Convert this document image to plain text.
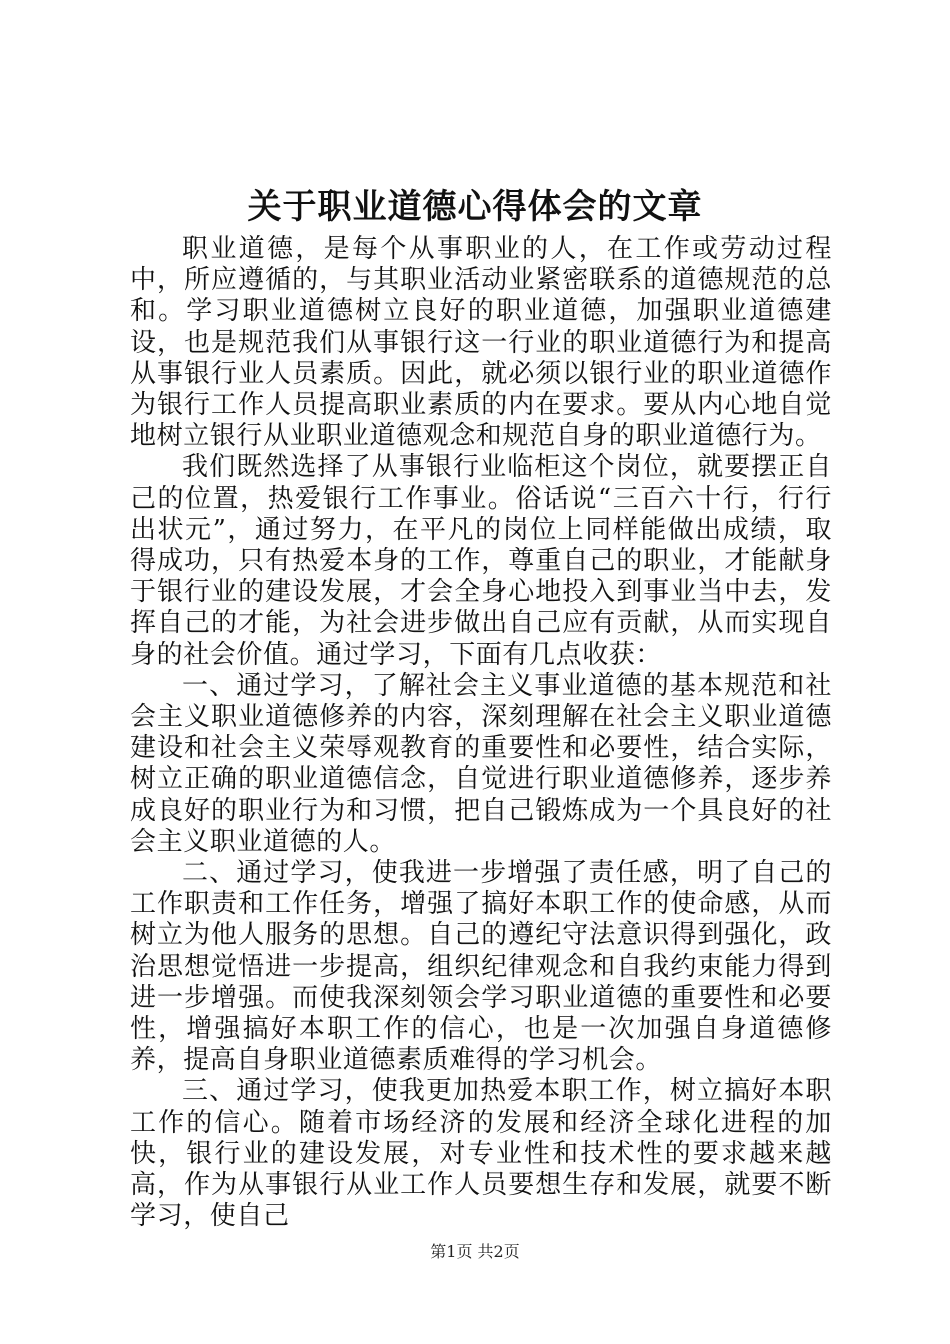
关于职业道德心得体会的文章

职业道德，是每个从事职业的人，在工作或劳动过程中，所应遵循的，与其职业活动业紧密联系的道德规范的总和。学习职业道德树立良好的职业道德，加强职业道德建设，也是规范我们从事银行这一行业的职业道德行为和提高从事银行业人员素质。因此，就必须以银行业的职业道德作为银行工作人员提高职业素质的内在要求。要从内心地自觉地树立银行从业职业道德观念和规范自身的职业道德行为。

我们既然选择了从事银行业临柜这个岗位，就要摆正自己的位置，热爱银行工作事业。俗话说“三百六十行，行行出状元”，通过努力，在平凡的岗位上同样能做出成绩，取得成功，只有热爱本身的工作，尊重自己的职业，才能献身于银行业的建设发展，才会全身心地投入到事业当中去，发挥自己的才能，为社会进步做出自己应有贡献，从而实现自身的社会价值。通过学习，下面有几点收获：

一、通过学习，了解社会主义事业道德的基本规范和社会主义职业道德修养的内容，深刻理解在社会主义职业道德建设和社会主义荣辱观教育的重要性和必要性，结合实际，树立正确的职业道德信念，自觉进行职业道德修养，逐步养成良好的职业行为和习惯，把自己锻炼成为一个具良好的社会主义职业道德的人。

二、通过学习，使我进一步增强了责任感，明了自己的工作职责和工作任务，增强了搞好本职工作的使命感，从而树立为他人服务的思想。自己的遵纪守法意识得到强化，政治思想觉悟进一步提高，组织纪律观念和自我约束能力得到进一步增强。而使我深刻领会学习职业道德的重要性和必要性，增强搞好本职工作的信心，也是一次加强自身道德修养，提高自身职业道德素质难得的学习机会。

三、通过学习，使我更加热爱本职工作，树立搞好本职工作的信心。随着市场经济的发展和经济全球化进程的加快，银行业的建设发展，对专业性和技术性的要求越来越高，作为从事银行从业工作人员要想生存和发展，就要不断学习，使自己

第1页 共2页
